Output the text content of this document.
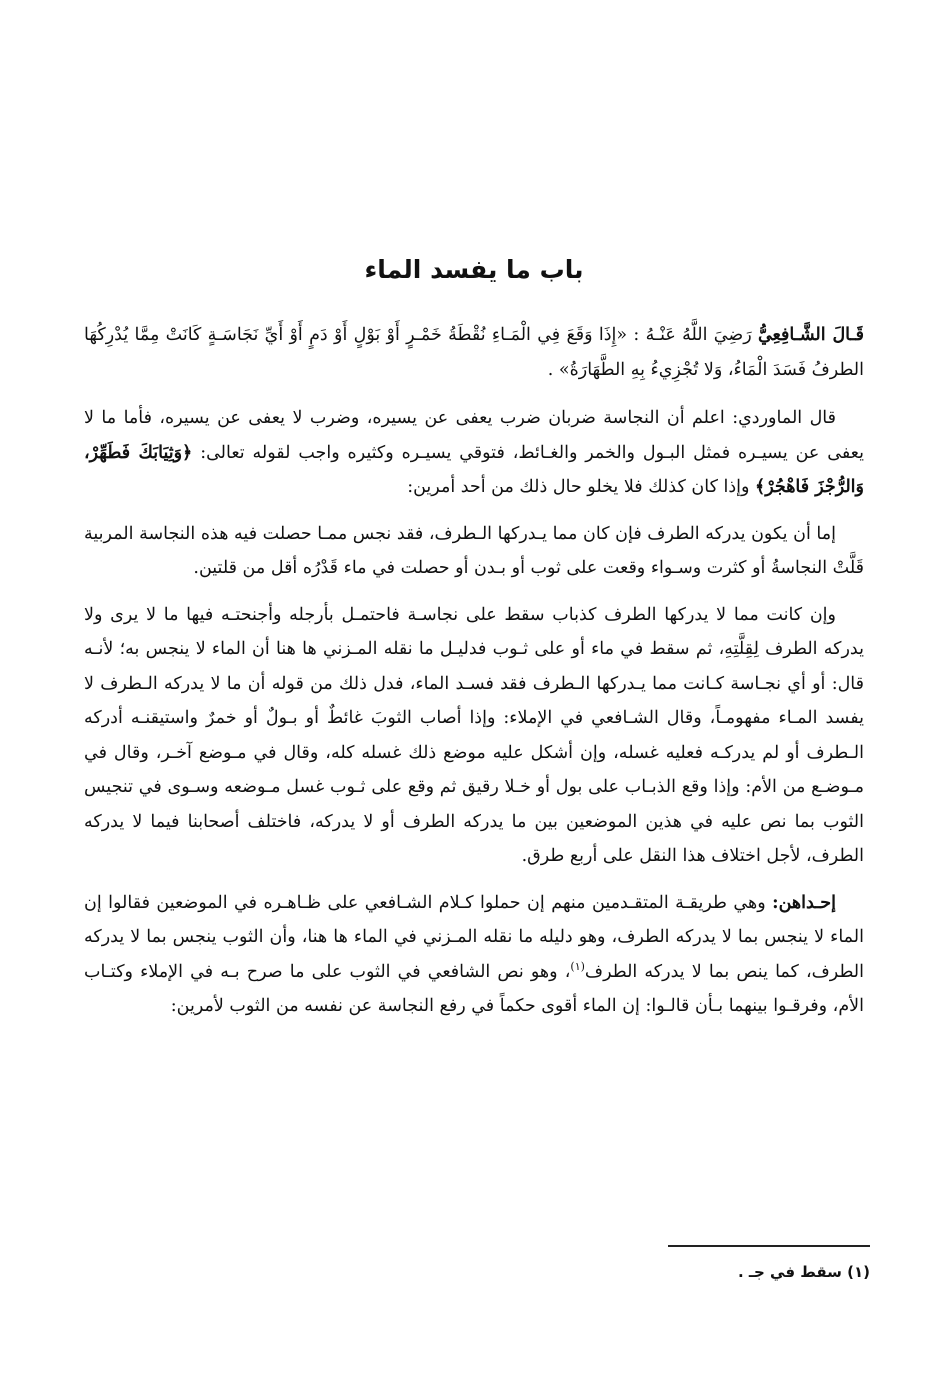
باب ما يفسد الماء

قَـالَ الشَّـافِعِيُّ رَضِيَ اللَّهُ عَنْـهُ : «إِذَا وَقَعَ فِي الْمَـاءِ نُقْطَةُ خَمْـرٍ أَوْ بَوْلٍ أَوْ دَمٍ أَوْ أَيِّ نَجَاسَـةٍ كَانَتْ مِمَّا يُدْرِكُهَا الطرفُ فَسَدَ الْمَاءُ، وَلا تُجْزِيءُ بِهِ الطَّهَارَةُ» .

قال الماوردي: اعلم أن النجاسة ضربان ضرب يعفى عن يسيره، وضرب لا يعفى عن يسيره، فأما ما لا يعفى عن يسيـره فمثل البـول والخمر والغـائط، فتوقي يسيـره وكثيره واجب لقوله تعالى: ﴿وَثِيَابَكَ فَطَهِّرْ، وَالرُّجْزَ فَاهْجُرْ﴾ وإذا كان كذلك فلا يخلو حال ذلك من أحد أمرين:

إما أن يكون يدركه الطرف فإن كان مما يـدركها الـطرف، فقد نجس ممـا حصلت فيه هذه النجاسة المربية قَلَّتْ النجاسةُ أو كثرت وسـواء وقعت على ثوب أو بـدن أو حصلت في ماء قَدْرُه أقل من قلتين.

وإن كانت مما لا يدركها الطرف كذباب سقط على نجاسـة فاحتمـل بأرجله وأجنحتـه فيها ما لا يرى ولا يدركه الطرف لِقِلَّتِهِ، ثم سقط في ماء أو على ثـوب فدليـل ما نقله المـزني ها هنا أن الماء لا ينجس به؛ لأنـه قال: أو أي نجـاسة كـانت مما يـدركها الـطرف فقد فسـد الماء، فدل ذلك من قوله أن ما لا يدركه الـطرف لا يفسد المـاء مفهومـاً، وقال الشـافعي في الإملاء: وإذا أصاب الثوبَ غائطٌ أو بـولٌ أو خمرٌ واستيقنـه أدركه الـطرف أو لم يدركـه فعليه غسله، وإن أشكل عليه موضع ذلك غسله كله، وقال في مـوضع آخـر، وقال في مـوضـع من الأم: وإذا وقع الذبـاب على بول أو خـلا رقيق ثم وقع على ثـوب غسل مـوضعه وسـوى في تنجيس الثوب بما نص عليه في هذين الموضعين بين ما يدركه الطرف أو لا يدركه، فاختلف أصحابنا فيما لا يدركه الطرف، لأجل اختلاف هذا النقل على أربع طرق.

إحـداهن: وهي طريقـة المتقـدمين منهم إن حملوا كـلام الشـافعي على ظـاهـره في الموضعين فقالوا إن الماء لا ينجس بما لا يدركه الطرف، وهو دليله ما نقله المـزني في الماء ها هنا، وأن الثوب ينجس بما لا يدركه الطرف، كما ينص بما لا يدركه الطرف$^{(١)}$، وهو نص الشافعي في الثوب على ما صرح بـه في الإملاء وكتـاب الأم، وفرقـوا بينهما بـأن قالـوا: إن الماء أقوى حكماً في رفع النجاسة عن نفسه من الثوب لأمرين:

(١) سقط في جـ .
